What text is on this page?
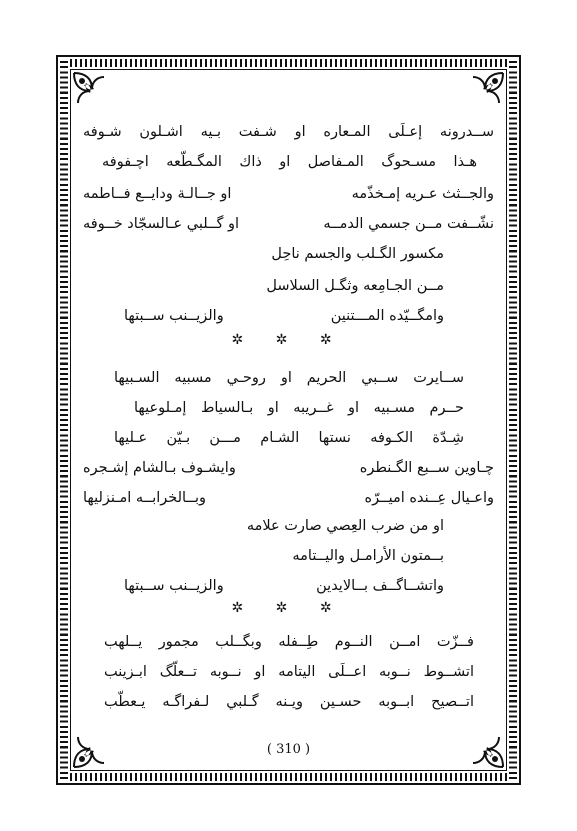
ســدرونه إعـلَى المـعاره او شـفت بـيه اشـلون شـوفه
هـذا مسـحوگ المـفاصل او ذاك المگـطّعه اچـفوفه
والجــثث عـريه إمـخذّمه
او جــالـة ودايــع فــاطمه
نشّــفت مــن جسمي الدمــه
او گــلبي عـالسجّاد خــوفه
مكسور الگـلب والجسم ناحِل
مــن الجـامِعه وثگـل السلاسل
وامگــيّده المـــتنين
والزيــنب ســبتها
✲ ✲ ✲
ســايرت ســبي الحريم او روحـي مسبيه السـبيها
حــرم مسـبيه او غــريبه او بـالسياط إمـلوعيها
شِـدّة الكـوفه نستها الشـام مـــن بـيّن عـليها
چـاوين ســبع الگـنطره
وايشـوف بـالشام إشـجره
واعـيال عِــنده اميــرّه
وبــالخرابــه امـنزليها
او من ضرب العِصي صارت علامه
بــمتون الأرامـل واليــتامه
واتشــاگــف بــالايدين
والزيــنب ســبتها
✲ ✲ ✲
فــزّت امــن النــوم طِــفله وبگــلب مجمور يــلهب
اتشــوط نــوبه اعــلَى اليتامه او نــوبه تــعلّگ ابـزينب
اتــصيح ابــوبه حسـين ويـنه گـلبي لـفراگـه يـعطّب
( 310 )
